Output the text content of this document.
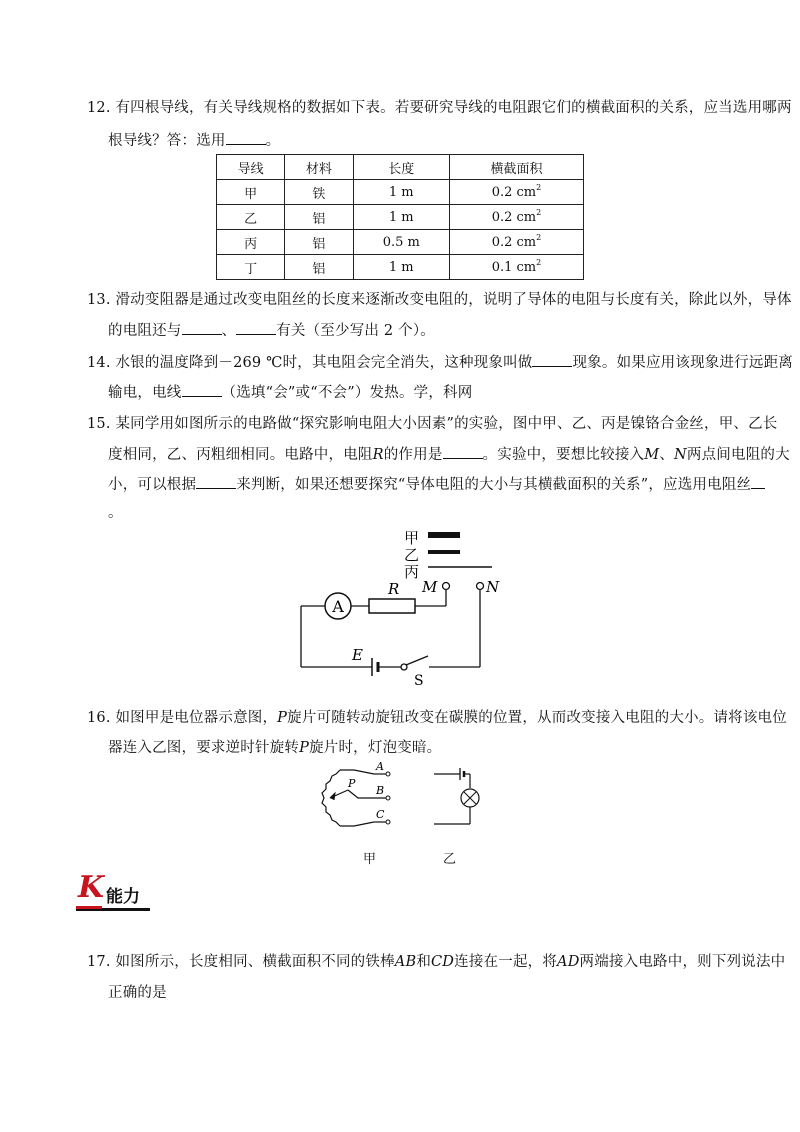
12. 有四根导线，有关导线规格的数据如下表。若要研究导线的电阻跟它们的横截面积的关系，应当选用哪两
根导线？答：选用	。
导线	材料	长度	横截面积
甲	铁	1 m	0.2 $cm^2$
乙	铝	1 m	0.2 $cm^2$
丙	铝	0.5 m	0.2 $cm^2$
丁	铝	1 m	0.1 $cm^2$
13. 滑动变阻器是通过改变电阻丝的长度来逐渐改变电阻的，说明了导体的电阻与长度有关，除此以外，导体
的电阻还与	、	有关（至少写出 2 个）。
14. 水银的温度降到－269 ℃时，其电阻会完全消失，这种现象叫做	现象。如果应用该现象进行远距离
输电，电线	（选填“会”或“不会”）发热。学，科网
15. 某同学用如图所示的电路做“探究影响电阻大小因素”的实验，图中甲、乙、丙是镍铬合金丝，甲、乙长
度相同，乙、丙粗细相同。电路中，电阻R的作用是	。实验中，要想比较接入M、N两点间电阻的大
小，可以根据	来判断，如果还想要探究“导体电阻的大小与其横截面积的关系”，应选用电阻丝
。
甲
乙
丙
A
R M	N
E
S
16. 如图甲是电位器示意图，P旋片可随转动旋钮改变在碳膜的位置，从而改变接入电阻的大小。请将该电位
器连入乙图，要求逆时针旋转P旋片时，灯泡变暗。
A
C
P
B
甲	乙
K 能力
17. 如图所示，长度相同、横截面积不同的铁棒AB和CD连接在一起，将AD两端接入电路中，则下列说法中
正确的是
